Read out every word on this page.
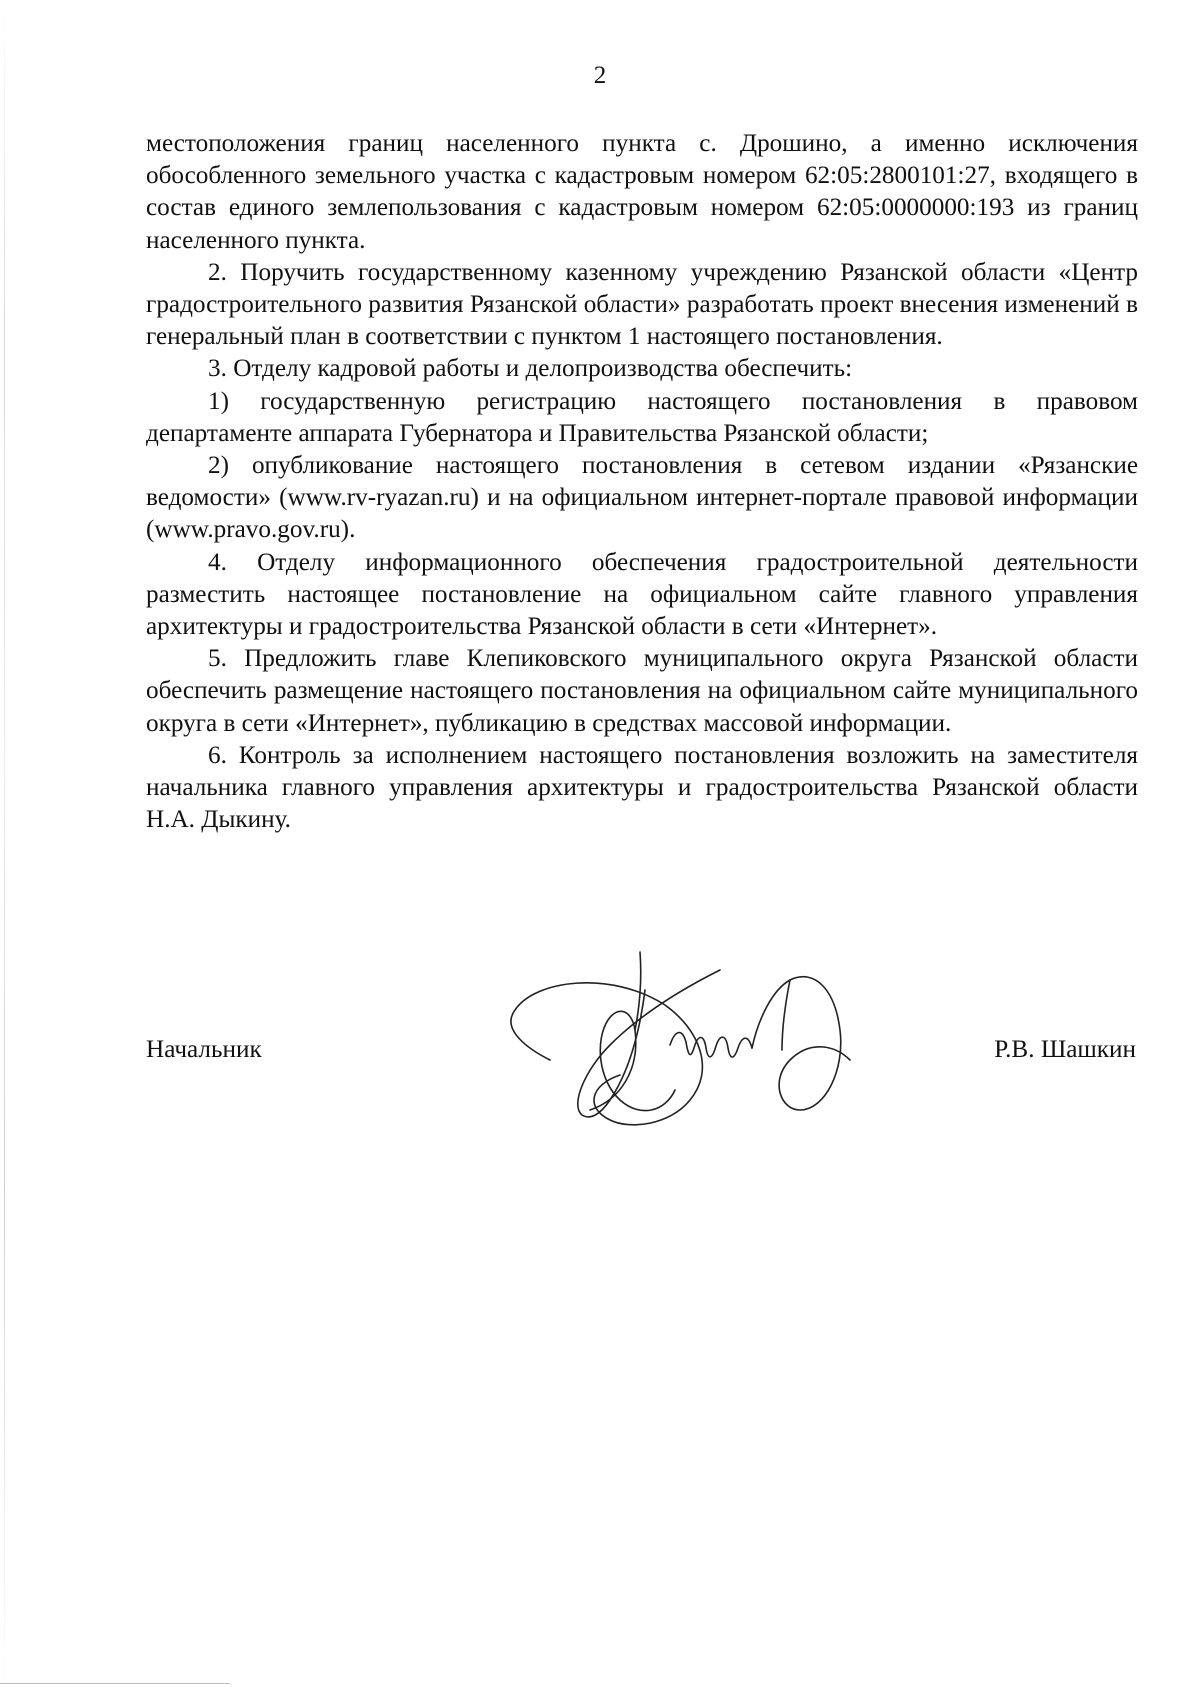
2

местоположения границ населенного пункта с. Дрошино, а именно исключения обособленного земельного участка с кадастровым номером 62:05:2800101:27, входящего в состав единого землепользования с кадастровым номером 62:05:0000000:193 из границ населенного пункта.

2. Поручить государственному казенному учреждению Рязанской области «Центр градостроительного развития Рязанской области» разработать проект внесения изменений в генеральный план в соответствии с пунктом 1 настоящего постановления.

3. Отделу кадровой работы и делопроизводства обеспечить:

1) государственную регистрацию настоящего постановления в правовом департаменте аппарата Губернатора и Правительства Рязанской области;

2) опубликование настоящего постановления в сетевом издании «Рязанские ведомости» (www.rv-ryazan.ru) и на официальном интернет-портале правовой информации (www.pravo.gov.ru).

4. Отделу информационного обеспечения градостроительной деятельности разместить настоящее постановление на официальном сайте главного управления архитектуры и градостроительства Рязанской области в сети «Интернет».

5. Предложить главе Клепиковского муниципального округа Рязанской области обеспечить размещение настоящего постановления на официальном сайте муниципального округа в сети «Интернет», публикацию в средствах массовой информации.

6. Контроль за исполнением настоящего постановления возложить на заместителя начальника главного управления архитектуры и градостроительства Рязанской области Н.А. Дыкину.

Начальник	Р.В. Шашкин
